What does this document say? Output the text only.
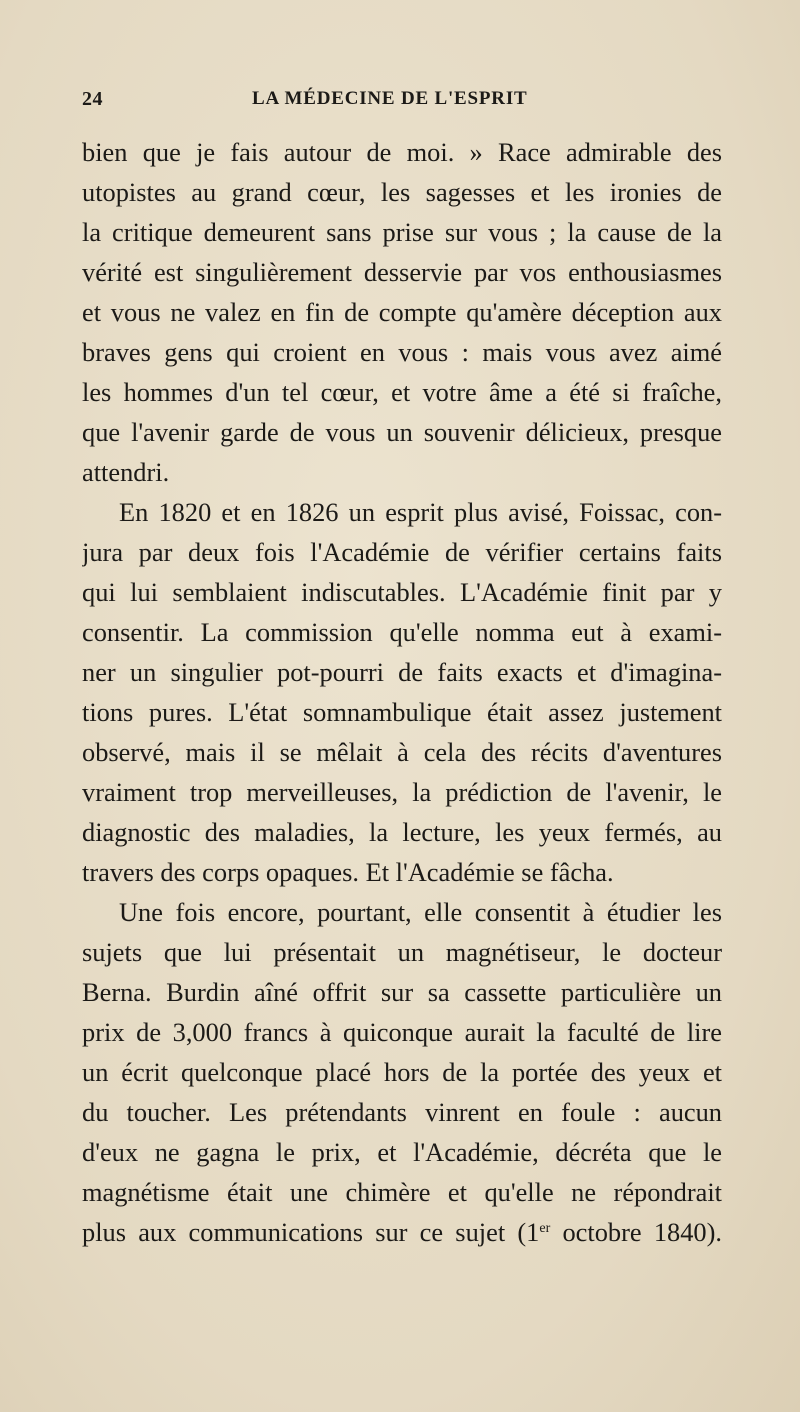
24	LA MÉDECINE DE L'ESPRIT
bien que je fais autour de moi. » Race admirable des
utopistes au grand cœur, les sagesses et les ironies de
la critique demeurent sans prise sur vous ; la cause de la
vérité est singulièrement desservie par vos enthousiasmes
et vous ne valez en fin de compte qu'amère déception aux
braves gens qui croient en vous : mais vous avez aimé
les hommes d'un tel cœur, et votre âme a été si fraîche,
que l'avenir garde de vous un souvenir délicieux, presque
attendri.
En 1820 et en 1826 un esprit plus avisé, Foissac, con-
jura par deux fois l'Académie de vérifier certains faits
qui lui semblaient indiscutables. L'Académie finit par y
consentir. La commission qu'elle nomma eut à exami-
ner un singulier pot-pourri de faits exacts et d'imagina-
tions pures. L'état somnambulique était assez justement
observé, mais il se mêlait à cela des récits d'aventures
vraiment trop merveilleuses, la prédiction de l'avenir, le
diagnostic des maladies, la lecture, les yeux fermés, au
travers des corps opaques. Et l'Académie se fâcha.
Une fois encore, pourtant, elle consentit à étudier les
sujets que lui présentait un magnétiseur, le docteur
Berna. Burdin aîné offrit sur sa cassette particulière un
prix de 3,000 francs à quiconque aurait la faculté de lire
un écrit quelconque placé hors de la portée des yeux et
du toucher. Les prétendants vinrent en foule : aucun
d'eux ne gagna le prix, et l'Académie, décréta que le
magnétisme était une chimère et qu'elle ne répondrait
plus aux communications sur ce sujet (1er octobre 1840).
